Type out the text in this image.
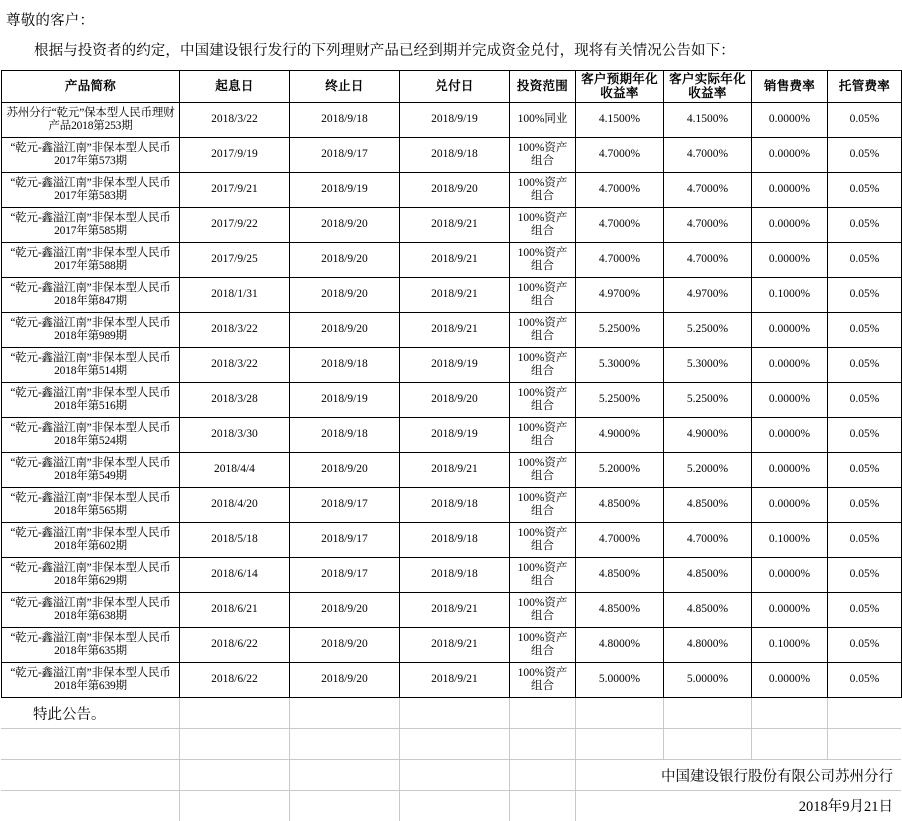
尊敬的客户：
根据与投资者的约定，中国建设银行发行的下列理财产品已经到期并完成资金兑付，现将有关情况公告如下：
产品简称	起息日	终止日	兑付日	投资范围	客户预期年化收益率	客户实际年化收益率	销售费率	托管费率
苏州分行“乾元”保本型人民币理财产品2018第253期	2018/3/22	2018/9/18	2018/9/19	100%同业	4.1500%	4.1500%	0.0000%	0.05%
“乾元-鑫溢江南”非保本型人民币2017年第573期	2017/9/19	2018/9/17	2018/9/18	100%资产组合	4.7000%	4.7000%	0.0000%	0.05%
“乾元-鑫溢江南”非保本型人民币2017年第583期	2017/9/21	2018/9/19	2018/9/20	100%资产组合	4.7000%	4.7000%	0.0000%	0.05%
“乾元-鑫溢江南”非保本型人民币2017年第585期	2017/9/22	2018/9/20	2018/9/21	100%资产组合	4.7000%	4.7000%	0.0000%	0.05%
“乾元-鑫溢江南”非保本型人民币2017年第588期	2017/9/25	2018/9/20	2018/9/21	100%资产组合	4.7000%	4.7000%	0.0000%	0.05%
“乾元-鑫溢江南”非保本型人民币2018年第847期	2018/1/31	2018/9/20	2018/9/21	100%资产组合	4.9700%	4.9700%	0.1000%	0.05%
“乾元-鑫溢江南”非保本型人民币2018年第989期	2018/3/22	2018/9/20	2018/9/21	100%资产组合	5.2500%	5.2500%	0.0000%	0.05%
“乾元-鑫溢江南”非保本型人民币2018年第514期	2018/3/22	2018/9/18	2018/9/19	100%资产组合	5.3000%	5.3000%	0.0000%	0.05%
“乾元-鑫溢江南”非保本型人民币2018年第516期	2018/3/28	2018/9/19	2018/9/20	100%资产组合	5.2500%	5.2500%	0.0000%	0.05%
“乾元-鑫溢江南”非保本型人民币2018年第524期	2018/3/30	2018/9/18	2018/9/19	100%资产组合	4.9000%	4.9000%	0.0000%	0.05%
“乾元-鑫溢江南”非保本型人民币2018年第549期	2018/4/4	2018/9/20	2018/9/21	100%资产组合	5.2000%	5.2000%	0.0000%	0.05%
“乾元-鑫溢江南”非保本型人民币2018年第565期	2018/4/20	2018/9/17	2018/9/18	100%资产组合	4.8500%	4.8500%	0.0000%	0.05%
“乾元-鑫溢江南”非保本型人民币2018年第602期	2018/5/18	2018/9/17	2018/9/18	100%资产组合	4.7000%	4.7000%	0.1000%	0.05%
“乾元-鑫溢江南”非保本型人民币2018年第629期	2018/6/14	2018/9/17	2018/9/18	100%资产组合	4.8500%	4.8500%	0.0000%	0.05%
“乾元-鑫溢江南”非保本型人民币2018年第638期	2018/6/21	2018/9/20	2018/9/21	100%资产组合	4.8500%	4.8500%	0.0000%	0.05%
“乾元-鑫溢江南”非保本型人民币2018年第635期	2018/6/22	2018/9/20	2018/9/21	100%资产组合	4.8000%	4.8000%	0.1000%	0.05%
“乾元-鑫溢江南”非保本型人民币2018年第639期	2018/6/22	2018/9/20	2018/9/21	100%资产组合	5.0000%	5.0000%	0.0000%	0.05%
特此公告。
中国建设银行股份有限公司苏州分行
2018年9月21日
